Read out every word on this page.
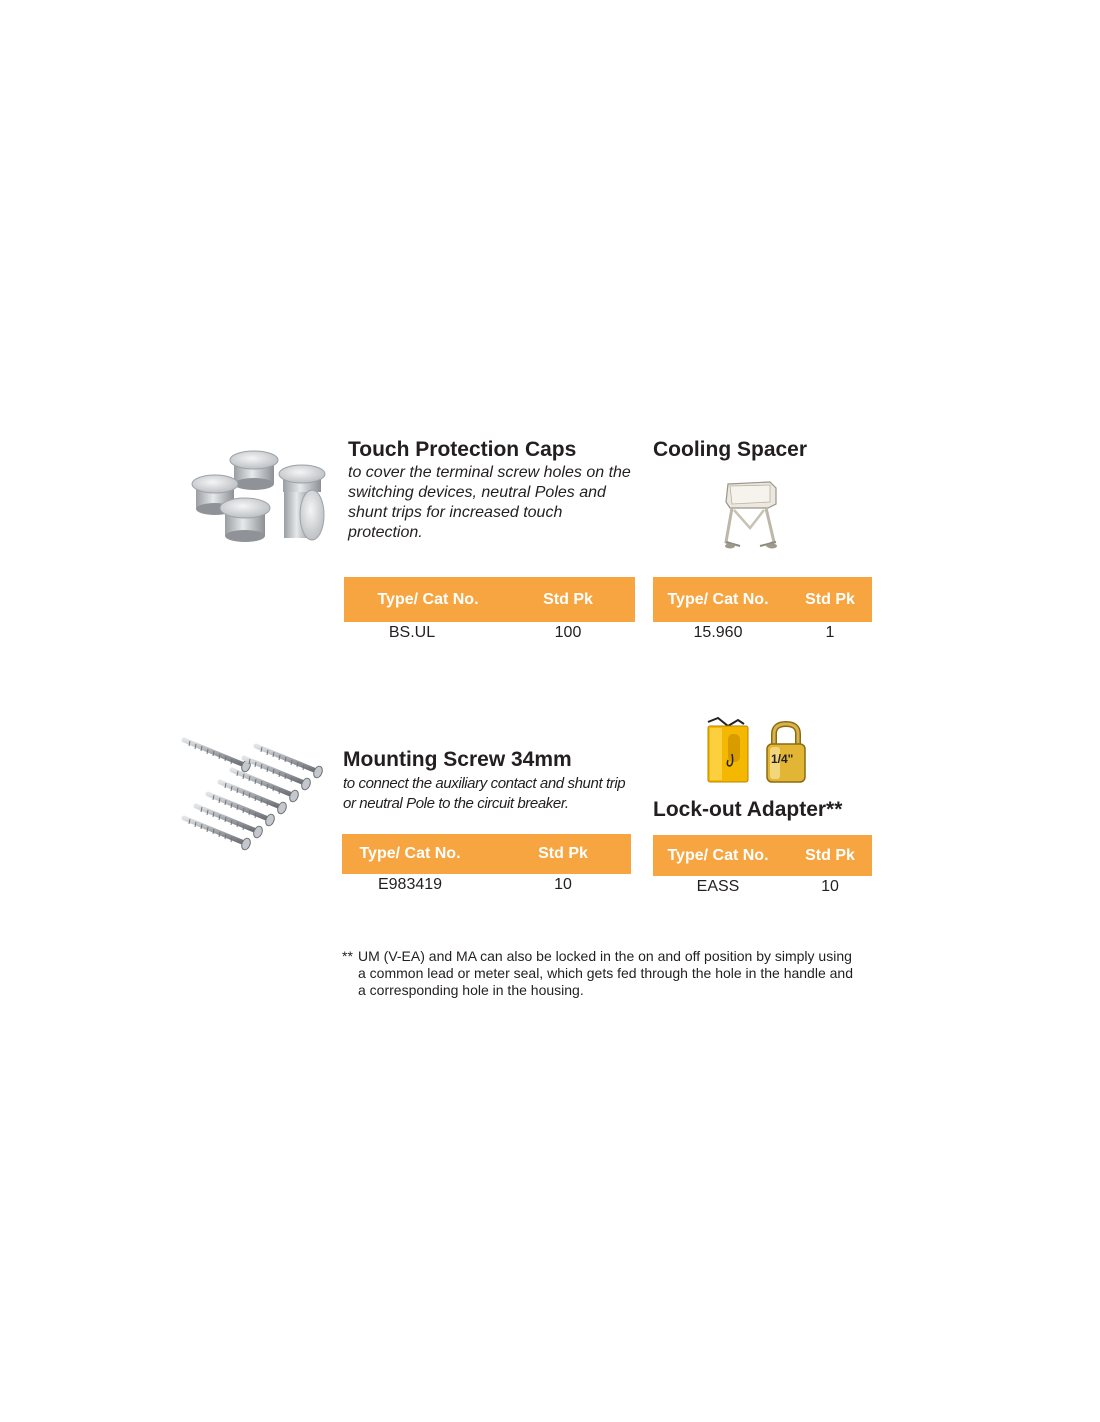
Touch Protection Caps
to cover the terminal screw holes on the switching devices, neutral Poles and shunt trips for increased touch protection.
Type/ Cat No.	Std Pk
BS.UL	100
Cooling Spacer
Type/ Cat No.	Std Pk
15.960	1
Mounting Screw 34mm
to connect the auxiliary contact and shunt trip or neutral Pole to the circuit breaker.
Type/ Cat No.	Std Pk
E983419	10
1/4"
Lock-out Adapter**
Type/ Cat No.	Std Pk
EASS	10
** UM (V-EA) and MA can also be locked in the on and off position by simply using a common lead or meter seal, which gets fed through the hole in the handle and a corresponding hole in the housing.
